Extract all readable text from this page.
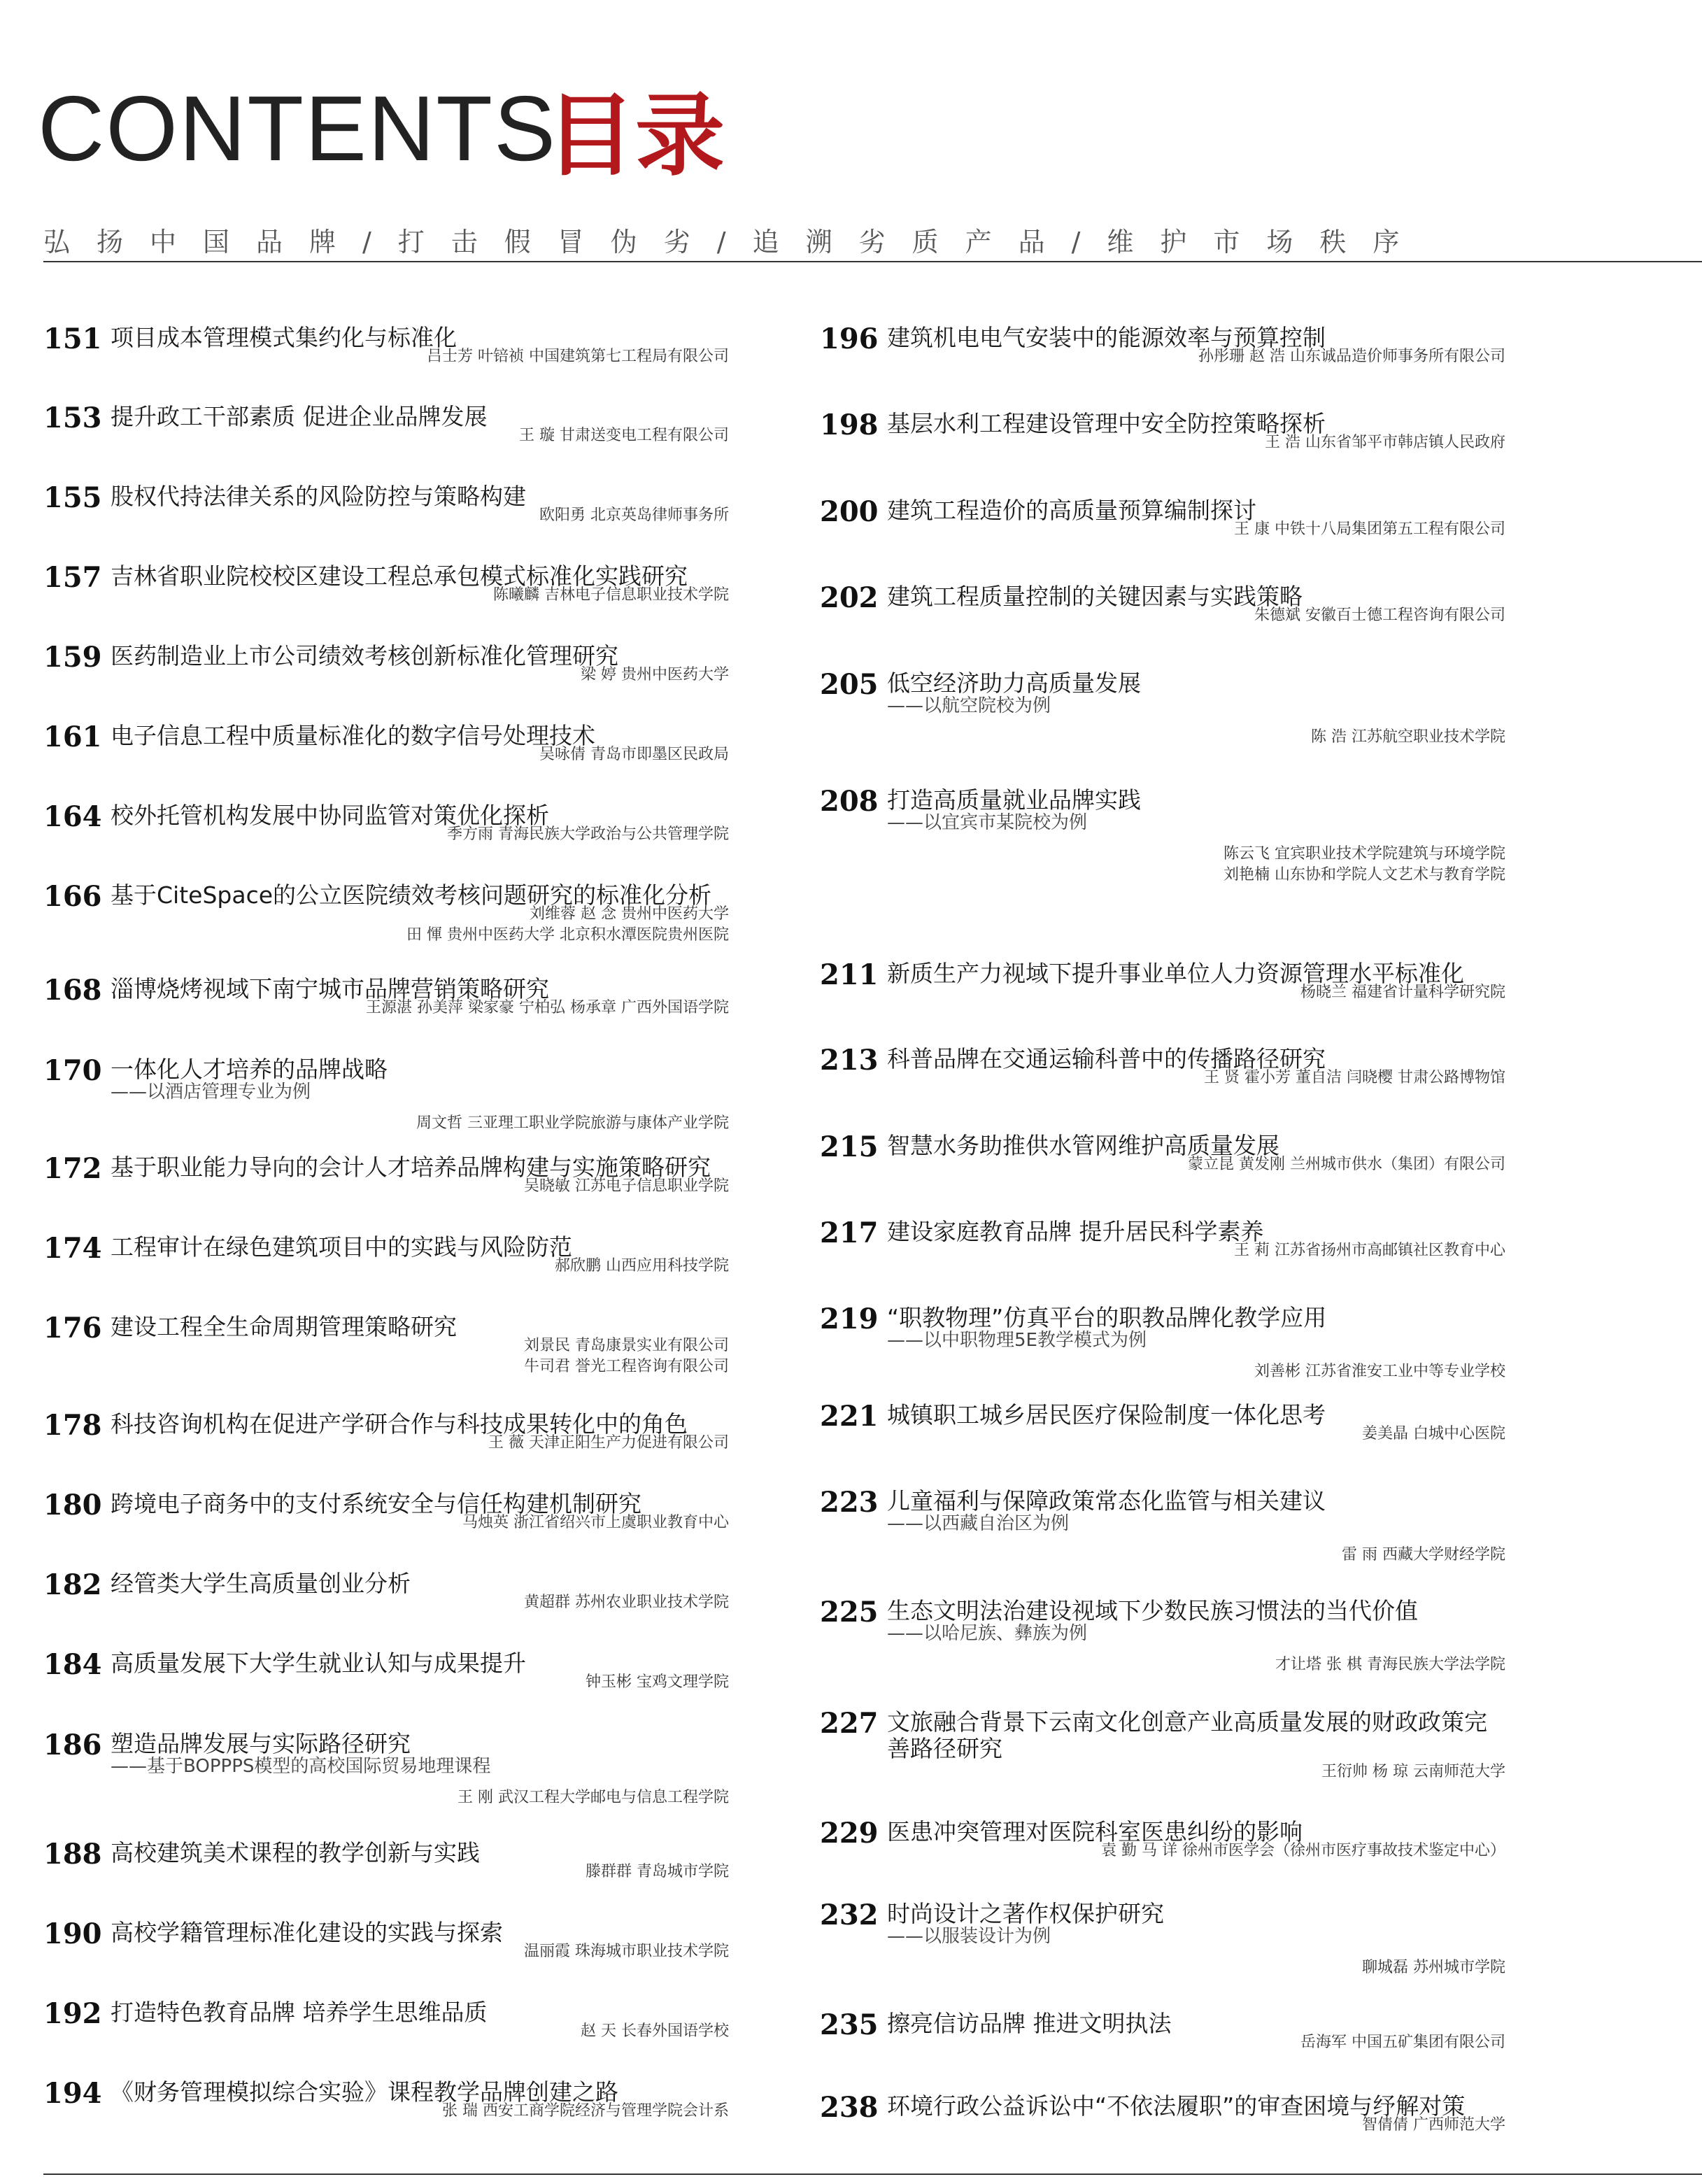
CONTENTS
目录
弘扬中国品牌/打击假冒伪劣/追溯劣质产品/维护市场秩序
151 项目成本管理模式集约化与标准化
吕士芳 叶锫祯 中国建筑第七工程局有限公司
153 提升政工干部素质 促进企业品牌发展
王 璇 甘肃送变电工程有限公司
155 股权代持法律关系的风险防控与策略构建
欧阳勇 北京英岛律师事务所
157 吉林省职业院校校区建设工程总承包模式标准化实践研究
陈曦麟 吉林电子信息职业技术学院
159 医药制造业上市公司绩效考核创新标准化管理研究
梁 婷 贵州中医药大学
161 电子信息工程中质量标准化的数字信号处理技术
吴咏倩 青岛市即墨区民政局
164 校外托管机构发展中协同监管对策优化探析
季方雨 青海民族大学政治与公共管理学院
166 基于CiteSpace的公立医院绩效考核问题研究的标准化分析
刘维蓉 赵 念 贵州中医药大学
田 惲 贵州中医药大学 北京积水潭医院贵州医院
168 淄博烧烤视域下南宁城市品牌营销策略研究
王源湛 孙美萍 梁家豪 宁柏弘 杨承章 广西外国语学院
170 一体化人才培养的品牌战略
——以酒店管理专业为例
周文哲 三亚理工职业学院旅游与康体产业学院
172 基于职业能力导向的会计人才培养品牌构建与实施策略研究
吴晓敏 江苏电子信息职业学院
174 工程审计在绿色建筑项目中的实践与风险防范
郝欣鹏 山西应用科技学院
176 建设工程全生命周期管理策略研究
刘景民 青岛康景实业有限公司
牛司君 誉光工程咨询有限公司
178 科技咨询机构在促进产学研合作与科技成果转化中的角色
王 薇 天津正阳生产力促进有限公司
180 跨境电子商务中的支付系统安全与信任构建机制研究
马烛英 浙江省绍兴市上虞职业教育中心
182 经管类大学生高质量创业分析
黄超群 苏州农业职业技术学院
184 高质量发展下大学生就业认知与成果提升
钟玉彬 宝鸡文理学院
186 塑造品牌发展与实际路径研究
——基于BOPPPS模型的高校国际贸易地理课程
王 刚 武汉工程大学邮电与信息工程学院
188 高校建筑美术课程的教学创新与实践
滕群群 青岛城市学院
190 高校学籍管理标准化建设的实践与探索
温丽霞 珠海城市职业技术学院
192 打造特色教育品牌 培养学生思维品质
赵 天 长春外国语学校
194 《财务管理模拟综合实验》课程教学品牌创建之路
张 瑞 西安工商学院经济与管理学院会计系
196 建筑机电电气安装中的能源效率与预算控制
孙彤珊 赵 浩 山东诚品造价师事务所有限公司
198 基层水利工程建设管理中安全防控策略探析
王 浩 山东省邹平市韩店镇人民政府
200 建筑工程造价的高质量预算编制探讨
王 康 中铁十八局集团第五工程有限公司
202 建筑工程质量控制的关键因素与实践策略
朱德斌 安徽百士德工程咨询有限公司
205 低空经济助力高质量发展
——以航空院校为例
陈 浩 江苏航空职业技术学院
208 打造高质量就业品牌实践
——以宜宾市某院校为例
陈云飞 宜宾职业技术学院建筑与环境学院
刘艳楠 山东协和学院人文艺术与教育学院
211 新质生产力视域下提升事业单位人力资源管理水平标准化
杨晓兰 福建省计量科学研究院
213 科普品牌在交通运输科普中的传播路径研究
王 贤 霍小芳 董自洁 闫晓樱 甘肃公路博物馆
215 智慧水务助推供水管网维护高质量发展
蒙立昆 黄发刚 兰州城市供水（集团）有限公司
217 建设家庭教育品牌 提升居民科学素养
王 莉 江苏省扬州市高邮镇社区教育中心
219 “职教物理”仿真平台的职教品牌化教学应用
——以中职物理5E教学模式为例
刘善彬 江苏省淮安工业中等专业学校
221 城镇职工城乡居民医疗保险制度一体化思考
姜美晶 白城中心医院
223 儿童福利与保障政策常态化监管与相关建议
——以西藏自治区为例
雷 雨 西藏大学财经学院
225 生态文明法治建设视域下少数民族习惯法的当代价值
——以哈尼族、彝族为例
才让塔 张 棋 青海民族大学法学院
227 文旅融合背景下云南文化创意产业高质量发展的财政政策完善路径研究
王衍帅 杨 琼 云南师范大学
229 医患冲突管理对医院科室医患纠纷的影响
袁 勤 马 详 徐州市医学会（徐州市医疗事故技术鉴定中心）
232 时尚设计之著作权保护研究
——以服装设计为例
聊城磊 苏州城市学院
235 擦亮信访品牌 推进文明执法
岳海军 中国五矿集团有限公司
238 环境行政公益诉讼中“不依法履职”的审查困境与纾解对策
智倩倩 广西师范大学
